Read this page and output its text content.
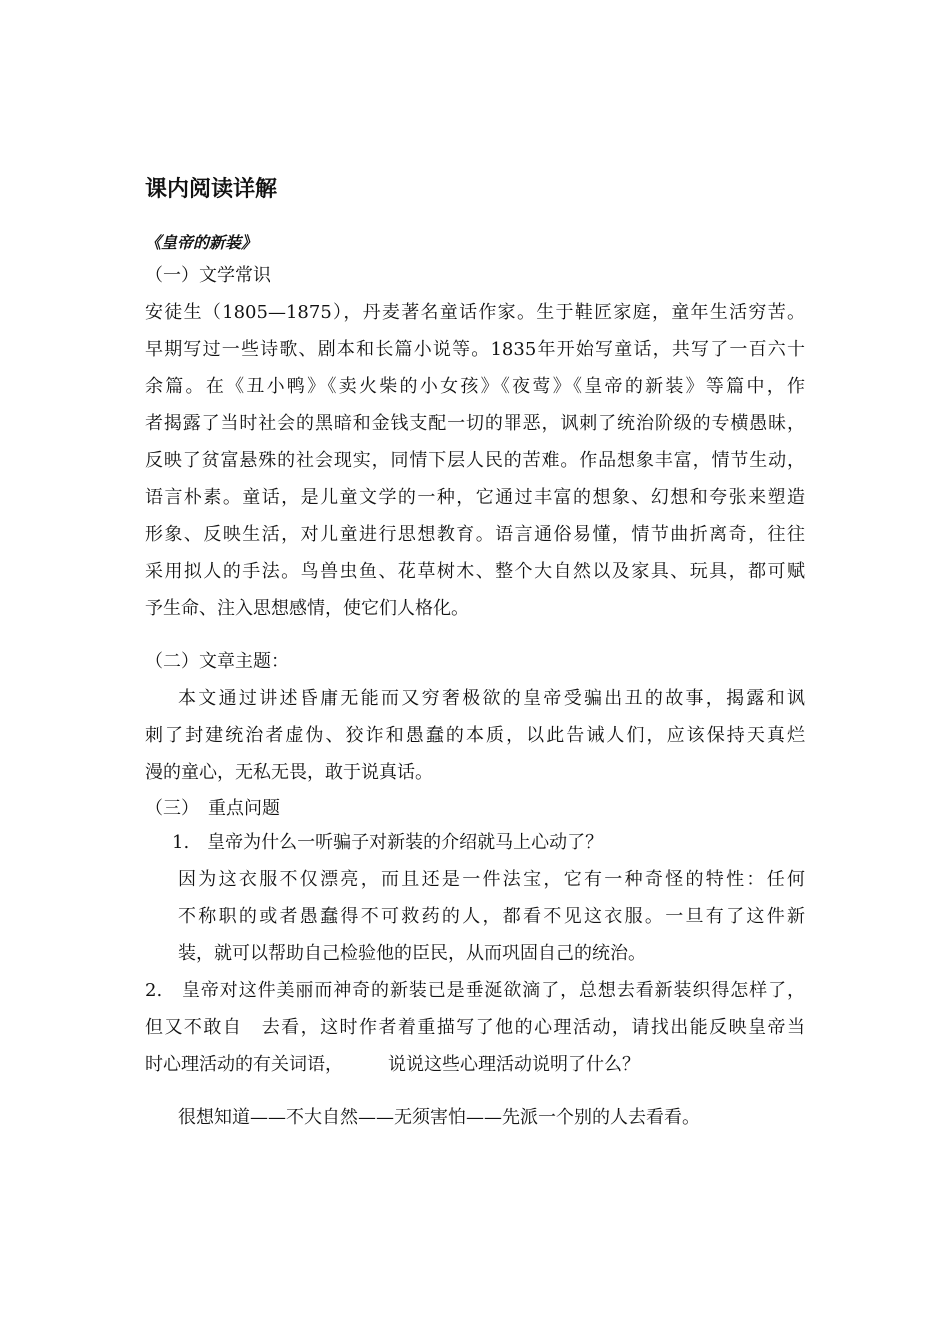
课内阅读详解
《皇帝的新装》
（一）文学常识
安徒生（1805—1875），丹麦著名童话作家。生于鞋匠家庭，童年生活穷苦。
早期写过一些诗歌、剧本和长篇小说等。1835年开始写童话，共写了一百六十
余篇。在《丑小鸭》《卖火柴的小女孩》《夜莺》《皇帝的新装》等篇中，作
者揭露了当时社会的黑暗和金钱支配一切的罪恶，讽刺了统治阶级的专横愚昧，
反映了贫富悬殊的社会现实，同情下层人民的苦难。作品想象丰富，情节生动，
语言朴素。童话，是儿童文学的一种，它通过丰富的想象、幻想和夸张来塑造
形象、反映生活，对儿童进行思想教育。语言通俗易懂，情节曲折离奇，往往
采用拟人的手法。鸟兽虫鱼、花草树木、整个大自然以及家具、玩具，都可赋
予生命、注入思想感情，使它们人格化。
（二）文章主题：
本文通过讲述昏庸无能而又穷奢极欲的皇帝受骗出丑的故事，揭露和讽
刺了封建统治者虚伪、狡诈和愚蠢的本质，以此告诫人们，应该保持天真烂
漫的童心，无私无畏，敢于说真话。
（三）　重点问题
1.　皇帝为什么一听骗子对新装的介绍就马上心动了？
因为这衣服不仅漂亮，而且还是一件法宝，它有一种奇怪的特性：任何
不称职的或者愚蠢得不可救药的人，都看不见这衣服。一旦有了这件新
装，就可以帮助自己检验他的臣民，从而巩固自己的统治。
2.　皇帝对这件美丽而神奇的新装已是垂涎欲滴了，总想去看新装织得怎样了，
但又不敢自　去看，这时作者着重描写了他的心理活动，请找出能反映皇帝当
时心理活动的有关词语，　　　说说这些心理活动说明了什么？
很想知道——不大自然——无须害怕——先派一个别的人去看看。
